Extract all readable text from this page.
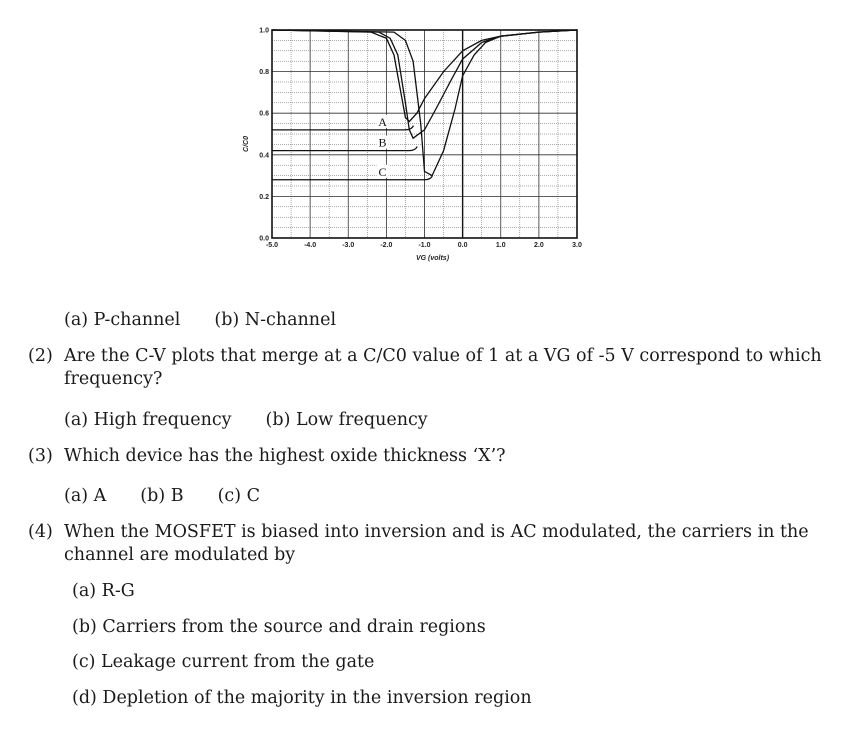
-5.0	-4.0	-3.0	-2.0	-1.0	0.0	1.0	2.0	3.0
0.0
0.2
0.4
0.6
0.8
1.0
VG (volts)
C/C0
A
B
C
(a) P-channel (b) N-channel
(2) Are the C-V plots that merge at a C/C0 value of 1 at a VG of -5 V correspond to which frequency?
(a) High frequency (b) Low frequency
(3) Which device has the highest oxide thickness ‘X’?
(a) A (b) B (c) C
(4) When the MOSFET is biased into inversion and is AC modulated, the carriers in the channel are modulated by
(a) R-G
(b) Carriers from the source and drain regions
(c) Leakage current from the gate
(d) Depletion of the majority in the inversion region
